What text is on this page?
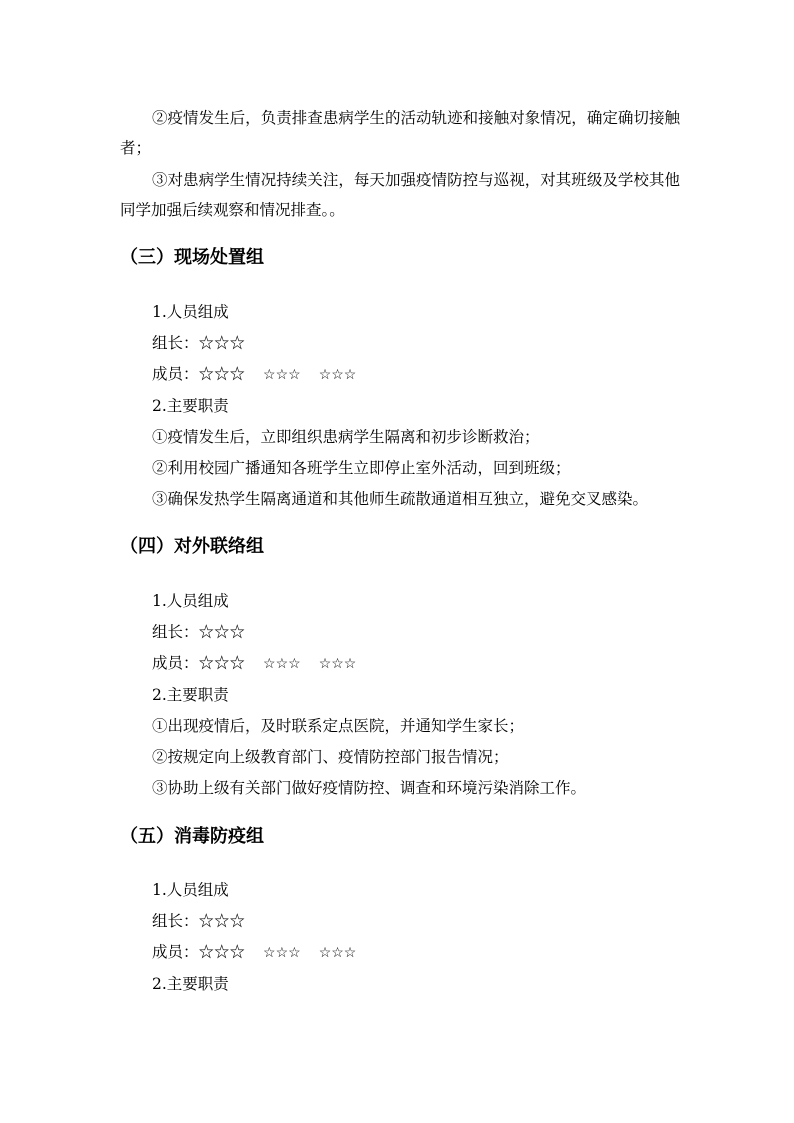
②疫情发生后，负责排查患病学生的活动轨迹和接触对象情况，确定确切接触者；
③对患病学生情况持续关注，每天加强疫情防控与巡视，对其班级及学校其他同学加强后续观察和情况排查。。
（三）现场处置组
1.人员组成
组长：☆☆☆
成员：☆☆☆ ☆☆☆ ☆☆☆
2.主要职责
①疫情发生后，立即组织患病学生隔离和初步诊断救治；
②利用校园广播通知各班学生立即停止室外活动，回到班级；
③确保发热学生隔离通道和其他师生疏散通道相互独立，避免交叉感染。
（四）对外联络组
1.人员组成
组长：☆☆☆
成员：☆☆☆ ☆☆☆ ☆☆☆
2.主要职责
①出现疫情后，及时联系定点医院，并通知学生家长；
②按规定向上级教育部门、疫情防控部门报告情况；
③协助上级有关部门做好疫情防控、调查和环境污染消除工作。
（五）消毒防疫组
1.人员组成
组长：☆☆☆
成员：☆☆☆ ☆☆☆ ☆☆☆
2.主要职责
